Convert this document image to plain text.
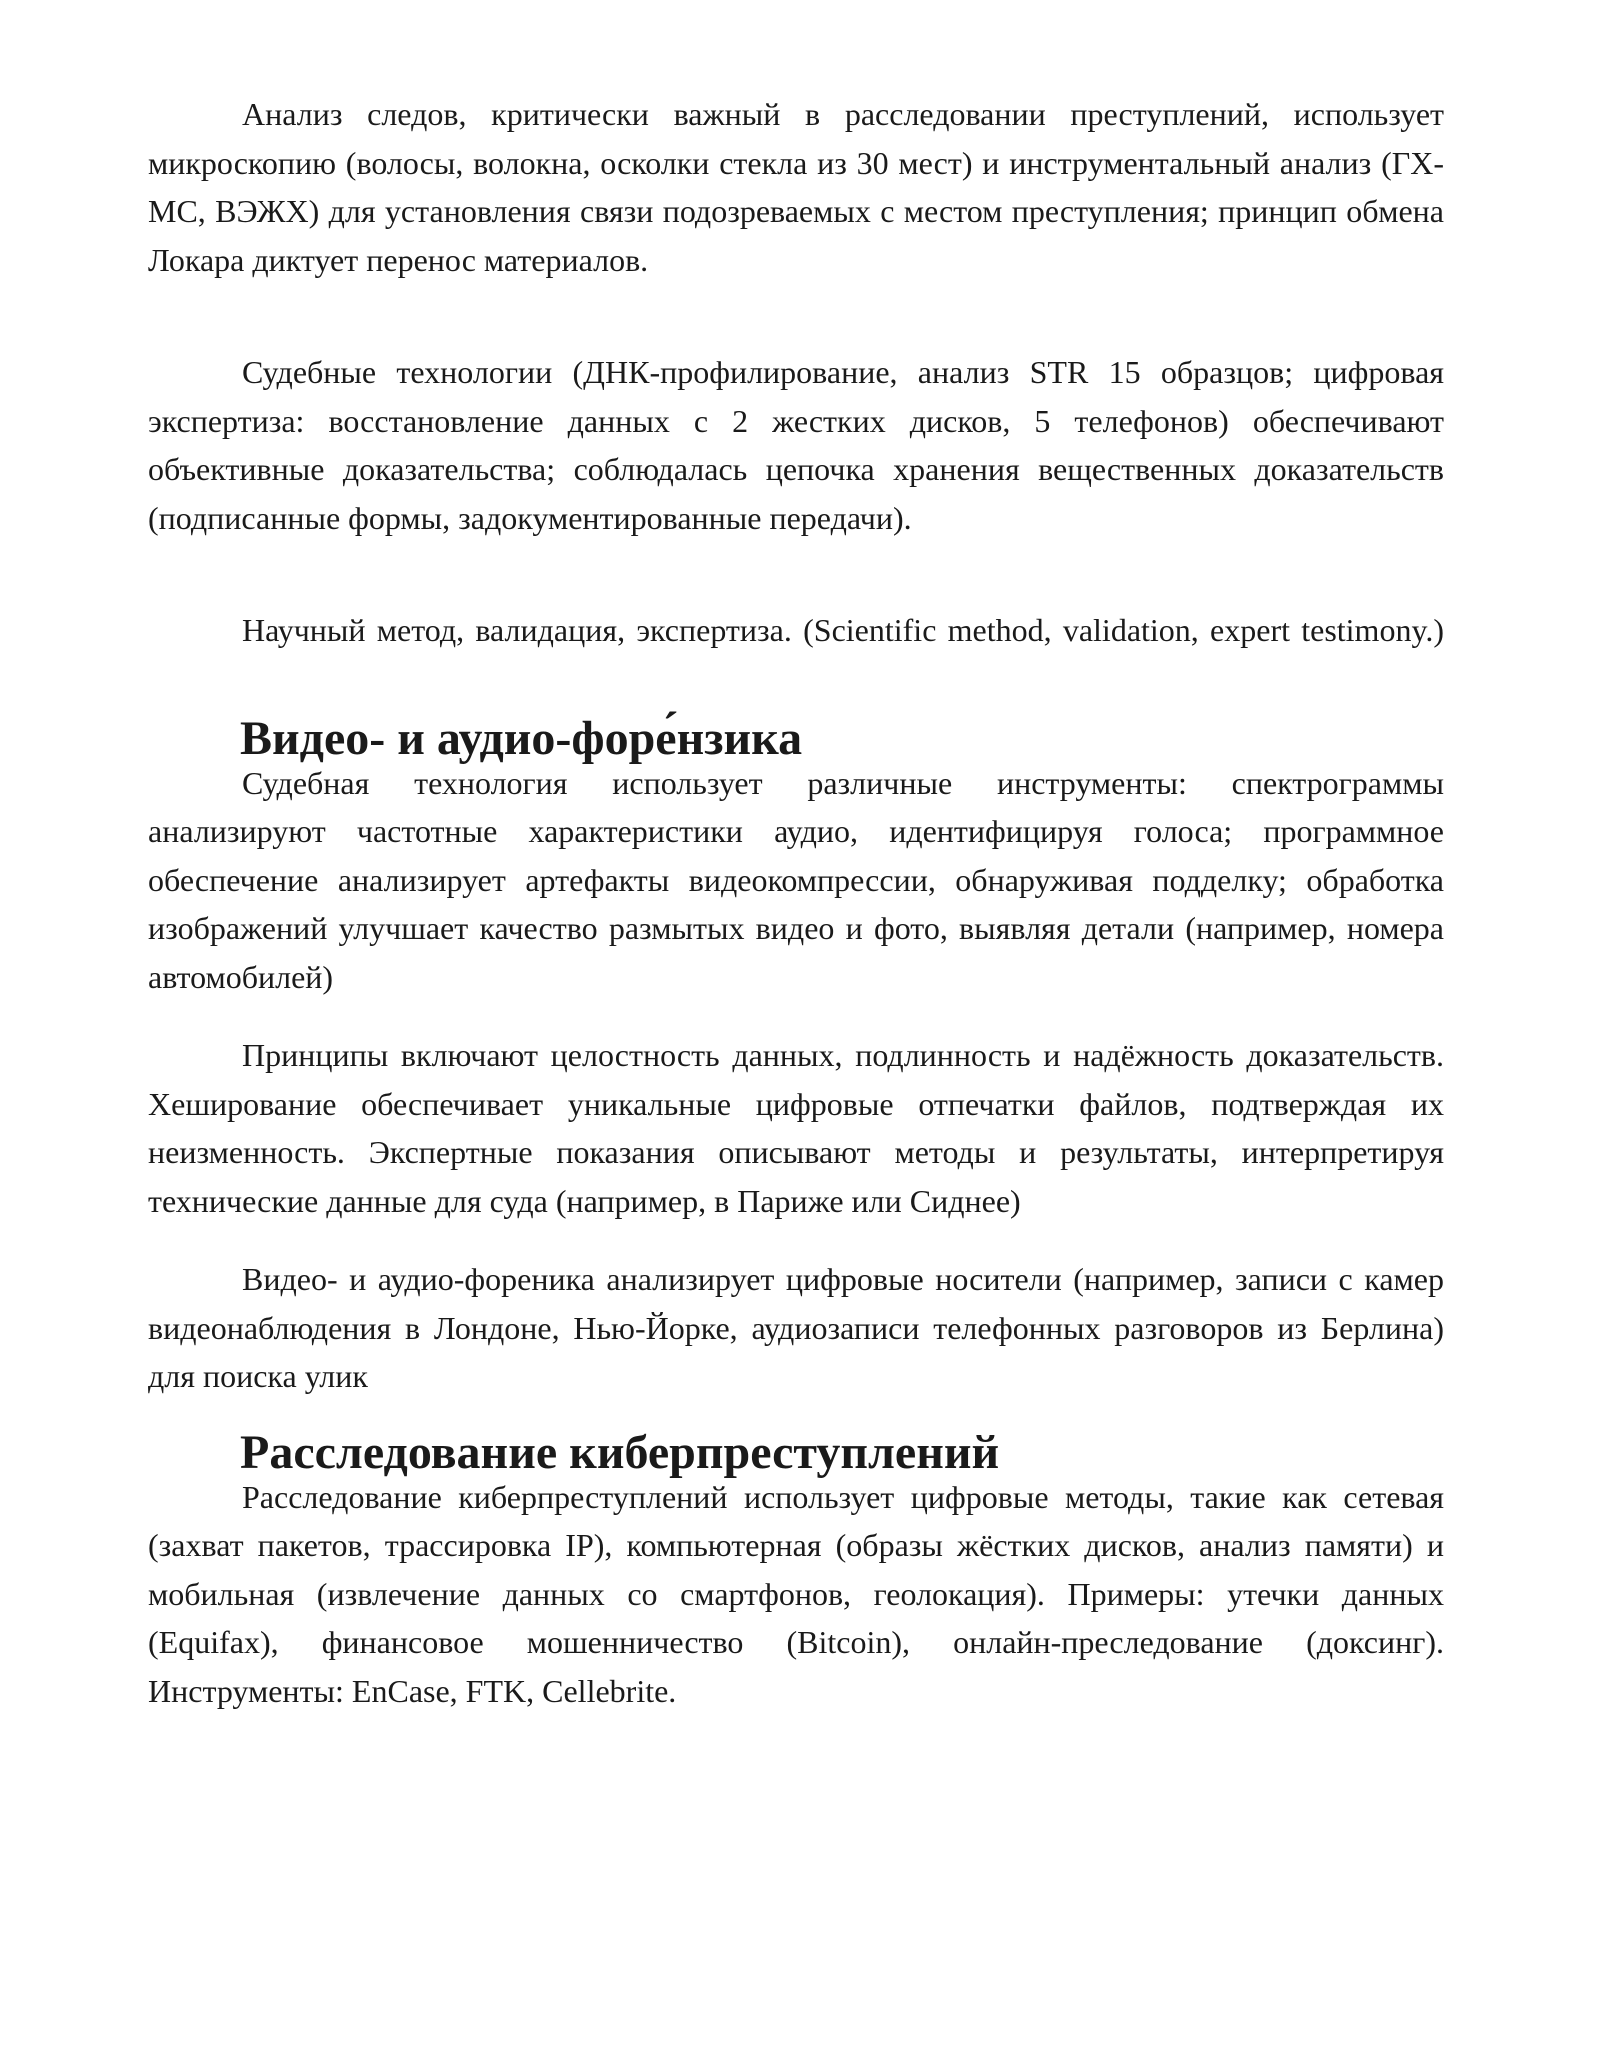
Анализ следов, критически важный в расследовании преступлений, использует микроскопию (волосы, волокна, осколки стекла из 30 мест) и инструментальный анализ (ГХ-МС, ВЭЖХ) для установления связи подозреваемых с местом преступления; принцип обмена Локара диктует перенос материалов.

Судебные технологии (ДНК-профилирование, анализ STR 15 образцов; цифровая экспертиза: восстановление данных с 2 жестких дисков, 5 телефонов) обеспечивают объективные доказательства; соблюдалась цепочка хранения вещественных доказательств (подписанные формы, задокументированные передачи).

Научный метод, валидация, экспертиза. (Scientific method, validation, expert testimony.)

Видео- и аудио-форе́нзика

Судебная технология использует различные инструменты: спектрограммы анализируют частотные характеристики аудио, идентифицируя голоса; программное обеспечение анализирует артефакты видеокомпрессии, обнаруживая подделку; обработка изображений улучшает качество размытых видео и фото, выявляя детали (например, номера автомобилей)

Принципы включают целостность данных, подлинность и надёжность доказательств. Хеширование обеспечивает уникальные цифровые отпечатки файлов, подтверждая их неизменность. Экспертные показания описывают методы и результаты, интерпретируя технические данные для суда (например, в Париже или Сиднее)

Видео- и аудио-фореника анализирует цифровые носители (например, записи с камер видеонаблюдения в Лондоне, Нью-Йорке, аудиозаписи телефонных разговоров из Берлина) для поиска улик

Расследование киберпреступлений

Расследование киберпреступлений использует цифровые методы, такие как сетевая (захват пакетов, трассировка IP), компьютерная (образы жёстких дисков, анализ памяти) и мобильная (извлечение данных со смартфонов, геолокация). Примеры: утечки данных (Equifax), финансовое мошенничество (Bitcoin), онлайн-преследование (доксинг). Инструменты: EnCase, FTK, Cellebrite.
